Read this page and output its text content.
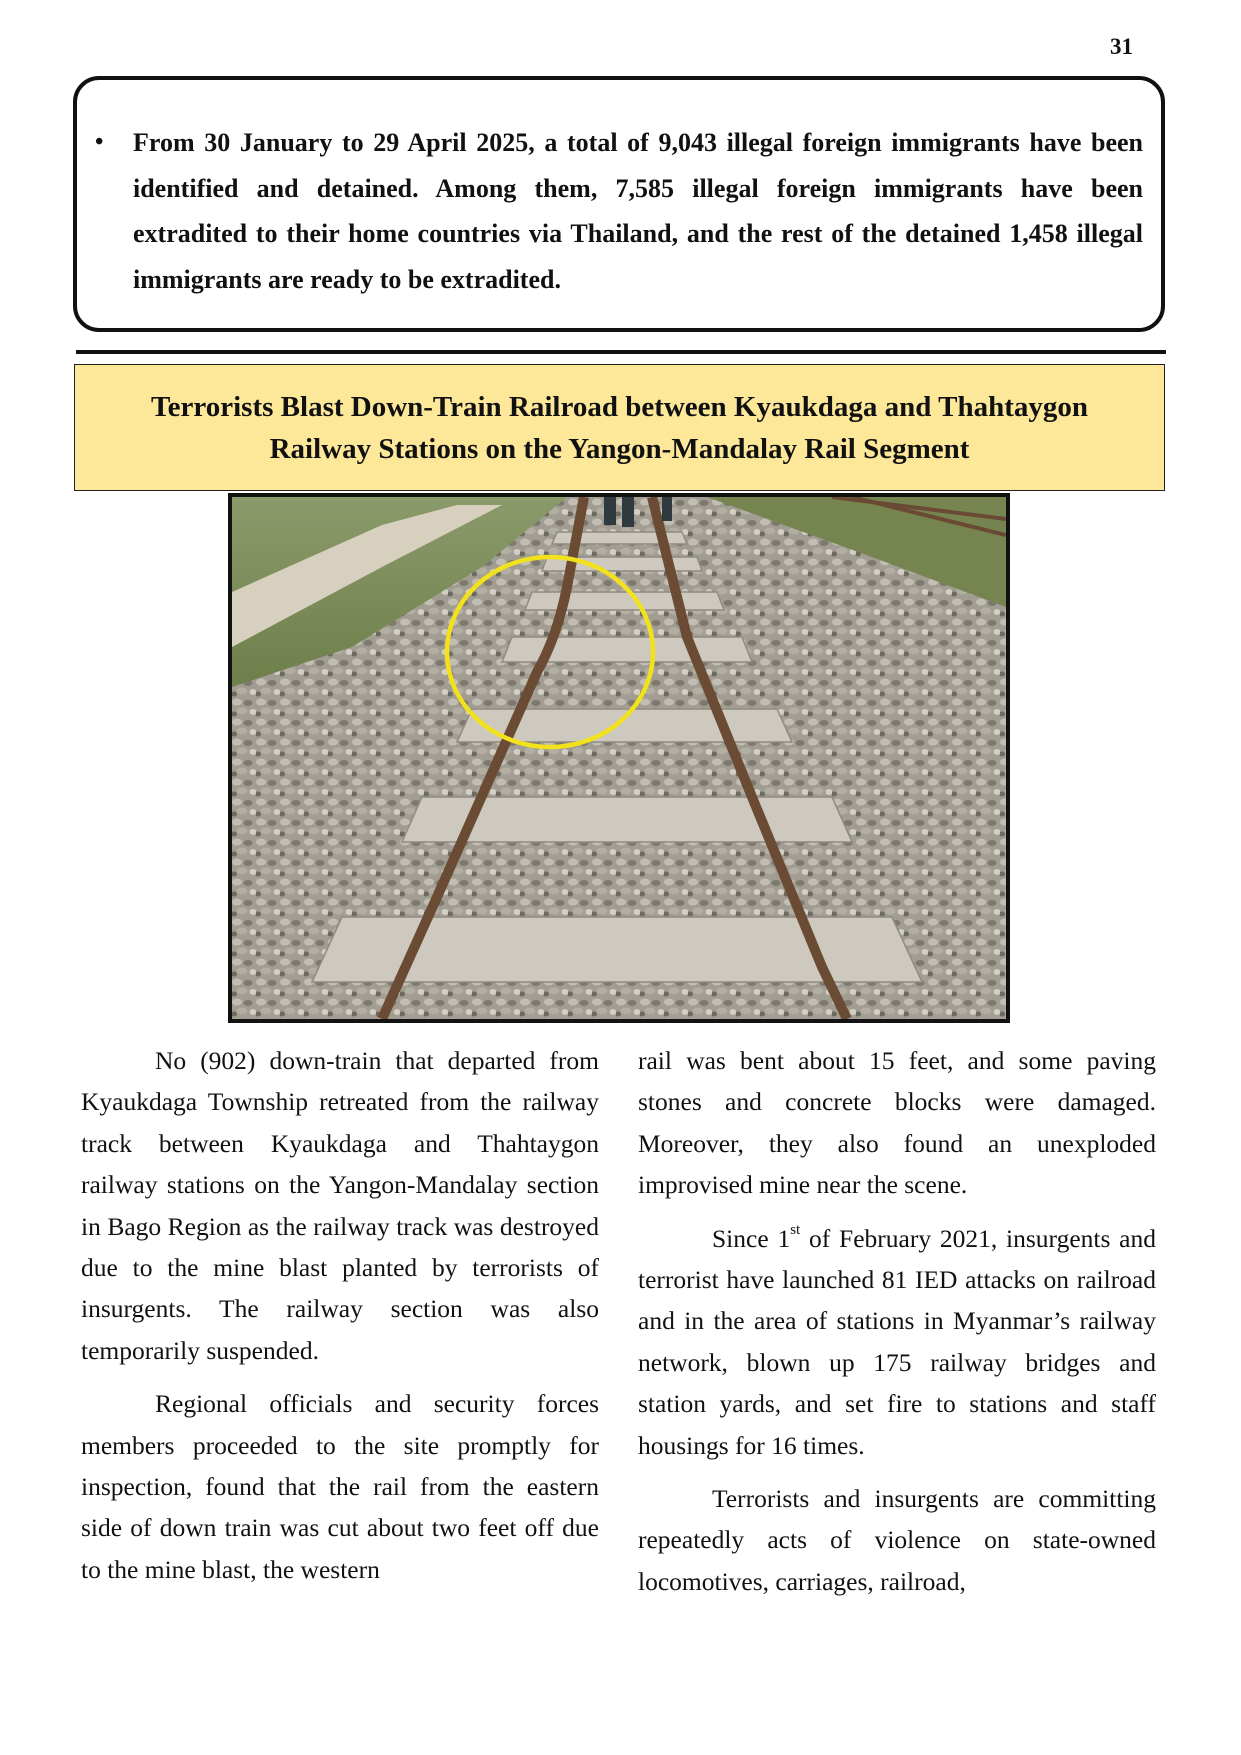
31
• From 30 January to 29 April 2025, a total of 9,043 illegal foreign immigrants have been identified and detained. Among them, 7,585 illegal foreign immigrants have been extradited to their home countries via Thailand, and the rest of the detained 1,458 illegal immigrants are ready to be extradited.
Terrorists Blast Down-Train Railroad between Kyaukdaga and Thahtaygon
Railway Stations on the Yangon-Mandalay Rail Segment

No (902) down-train that departed from Kyaukdaga Township retreated from the railway track between Kyaukdaga and Thahtaygon railway stations on the Yangon-Mandalay section in Bago Region as the railway track was destroyed due to the mine blast planted by terrorists of insurgents. The railway section was also temporarily suspended.

Regional officials and security forces members proceeded to the site promptly for inspection, found that the rail from the eastern side of down train was cut about two feet off due to the mine blast, the western

rail was bent about 15 feet, and some paving stones and concrete blocks were damaged. Moreover, they also found an unexploded improvised mine near the scene.

Since 1st of February 2021, insurgents and terrorist have launched 81 IED attacks on railroad and in the area of stations in Myanmar’s railway network, blown up 175 railway bridges and station yards, and set fire to stations and staff housings for 16 times.

Terrorists and insurgents are committing repeatedly acts of violence on state-owned locomotives, carriages, railroad,
